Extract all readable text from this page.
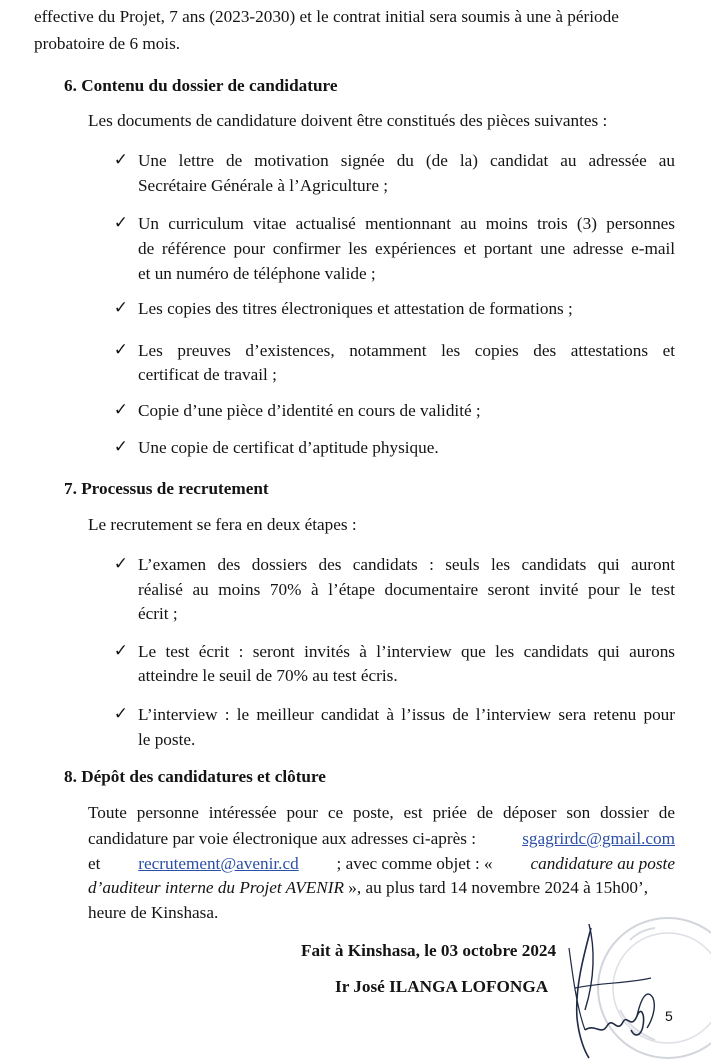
effective du Projet, 7 ans (2023-2030) et le contrat initial sera soumis à une à période
probatoire de 6 mois.
6. Contenu du dossier de candidature
Les documents de candidature doivent être constitués des pièces suivantes :
✓ Une lettre de motivation signée du (de la) candidat au adressée au
Secrétaire Générale à l’Agriculture ;
✓ Un curriculum vitae actualisé mentionnant au moins trois (3) personnes
de référence pour confirmer les expériences et portant une adresse e-mail
et un numéro de téléphone valide ;
✓ Les copies des titres électroniques et attestation de formations ;
✓ Les preuves d’existences, notamment les copies des attestations et
certificat de travail ;
✓ Copie d’une pièce d’identité en cours de validité ;
✓ Une copie de certificat d’aptitude physique.
7. Processus de recrutement
Le recrutement se fera en deux étapes :
✓ L’examen des dossiers des candidats : seuls les candidats qui auront
réalisé au moins 70% à l’étape documentaire seront invité pour le test
écrit ;
✓ Le test écrit : seront invités à l’interview que les candidats qui aurons
atteindre le seuil de 70% au test écris.
✓ L’interview : le meilleur candidat à l’issus de l’interview sera retenu pour
le poste.
8. Dépôt des candidatures et clôture
Toute personne intéressée pour ce poste, est priée de déposer son dossier de
candidature par voie électronique aux adresses ci-après :	sgagrirdc@gmail.com
et recrutement@avenir.cd ; avec comme objet : « candidature au poste
d’auditeur interne du Projet AVENIR », au plus tard 14 novembre 2024 à 15h00’,
heure de Kinshasa.
Fait à Kinshasa, le 03 octobre 2024
Ir José ILANGA LOFONGA
5
